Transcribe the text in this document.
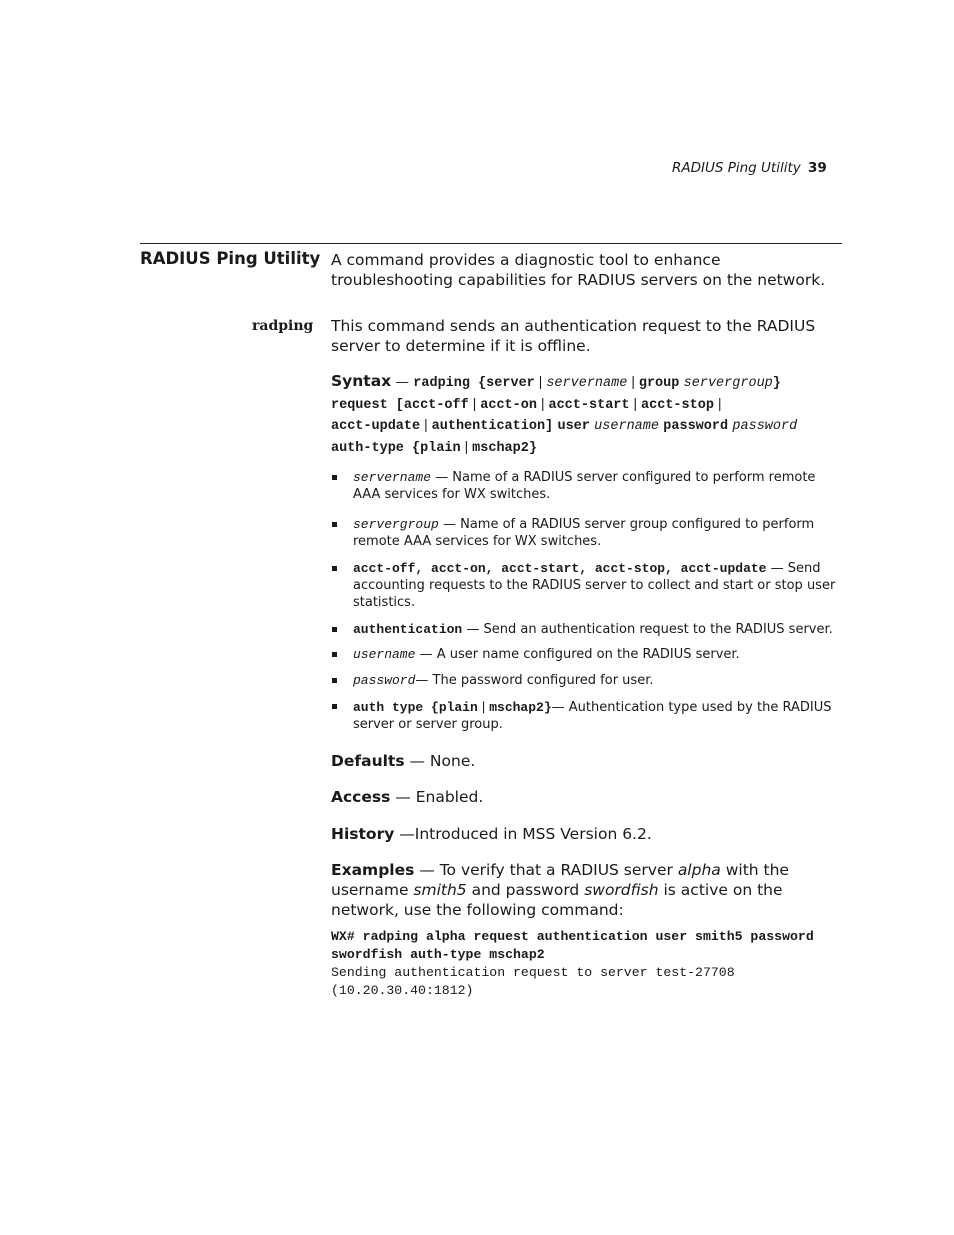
RADIUS Ping Utility 39
RADIUS Ping Utility A command provides a diagnostic tool to enhance troubleshooting capabilities for RADIUS servers on the network.
radping This command sends an authentication request to the RADIUS server to determine if it is offline.
Syntax — radping {server | servername | group servergroup}
request [acct-off | acct-on | acct-start | acct-stop |
acct-update | authentication] user username password password
auth-type {plain | mschap2}
servername — Name of a RADIUS server configured to perform remote AAA services for WX switches.
servergroup — Name of a RADIUS server group configured to perform remote AAA services for WX switches.
acct-off, acct-on, acct-start, acct-stop, acct-update — Send accounting requests to the RADIUS server to collect and start or stop user statistics.
authentication — Send an authentication request to the RADIUS server.
username — A user name configured on the RADIUS server.
password— The password configured for user.
auth type {plain | mschap2}— Authentication type used by the RADIUS server or server group.
Defaults — None.
Access — Enabled.
History —Introduced in MSS Version 6.2.
Examples — To verify that a RADIUS server alpha with the username smith5 and password swordfish is active on the network, use the following command:
WX# radping alpha request authentication user smith5 password
swordfish auth-type mschap2
Sending authentication request to server test-27708
(10.20.30.40:1812)
